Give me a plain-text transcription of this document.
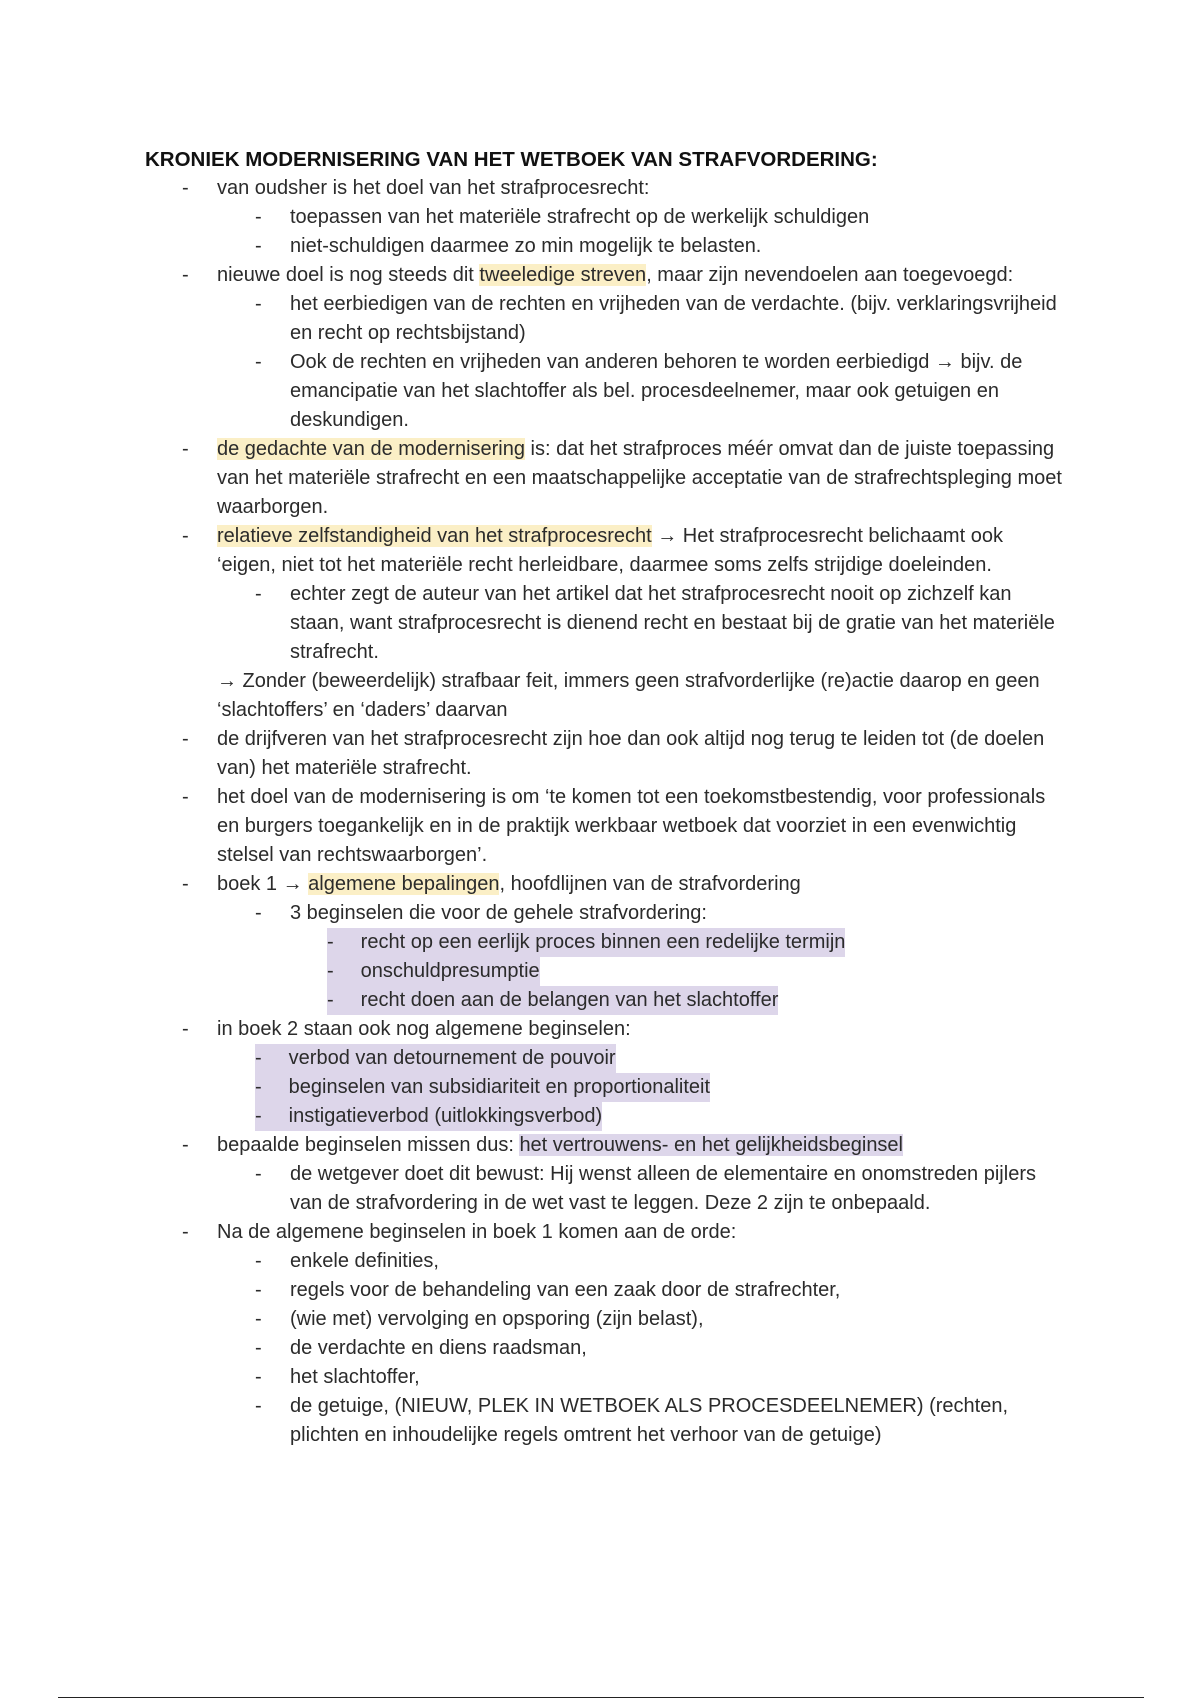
KRONIEK MODERNISERING VAN HET WETBOEK VAN STRAFVORDERING:
- van oudsher is het doel van het strafprocesrecht:
- toepassen van het materiële strafrecht op de werkelijk schuldigen
- niet-schuldigen daarmee zo min mogelijk te belasten.
- nieuwe doel is nog steeds dit tweeledige streven, maar zijn nevendoelen aan toegevoegd:
- het eerbiedigen van de rechten en vrijheden van de verdachte. (bijv. verklaringsvrijheid en recht op rechtsbijstand)
- Ook de rechten en vrijheden van anderen behoren te worden eerbiedigd → bijv. de emancipatie van het slachtoffer als bel. procesdeelnemer, maar ook getuigen en deskundigen.
- de gedachte van de modernisering is: dat het strafproces méér omvat dan de juiste toepassing van het materiële strafrecht en een maatschappelijke acceptatie van de strafrechtspleging moet waarborgen.
- relatieve zelfstandigheid van het strafprocesrecht → Het strafprocesrecht belichaamt ook ‘eigen, niet tot het materiële recht herleidbare, daarmee soms zelfs strijdige doeleinden.
- echter zegt de auteur van het artikel dat het strafprocesrecht nooit op zichzelf kan staan, want strafprocesrecht is dienend recht en bestaat bij de gratie van het materiële strafrecht.
→ Zonder (beweerdelijk) strafbaar feit, immers geen strafvorderlijke (re)actie daarop en geen ‘slachtoffers’ en ‘daders’ daarvan
- de drijfveren van het strafprocesrecht zijn hoe dan ook altijd nog terug te leiden tot (de doelen van) het materiële strafrecht.
- het doel van de modernisering is om ‘te komen tot een toekomstbestendig, voor professionals en burgers toegankelijk en in de praktijk werkbaar wetboek dat voorziet in een evenwichtig stelsel van rechtswaarborgen’.
- boek 1 → algemene bepalingen, hoofdlijnen van de strafvordering
- 3 beginselen die voor de gehele strafvordering:
- recht op een eerlijk proces binnen een redelijke termijn
- onschuldpresumptie
- recht doen aan de belangen van het slachtoffer
- in boek 2 staan ook nog algemene beginselen:
- verbod van detournement de pouvoir
- beginselen van subsidiariteit en proportionaliteit
- instigatieverbod (uitlokkingsverbod)
- bepaalde beginselen missen dus: het vertrouwens- en het gelijkheidsbeginsel
- de wetgever doet dit bewust: Hij wenst alleen de elementaire en onomstreden pijlers van de strafvordering in de wet vast te leggen. Deze 2 zijn te onbepaald.
- Na de algemene beginselen in boek 1 komen aan de orde:
- enkele definities,
- regels voor de behandeling van een zaak door de strafrechter,
- (wie met) vervolging en opsporing (zijn belast),
- de verdachte en diens raadsman,
- het slachtoffer,
- de getuige, (NIEUW, PLEK IN WETBOEK ALS PROCESDEELNEMER) (rechten, plichten en inhoudelijke regels omtrent het verhoor van de getuige)
